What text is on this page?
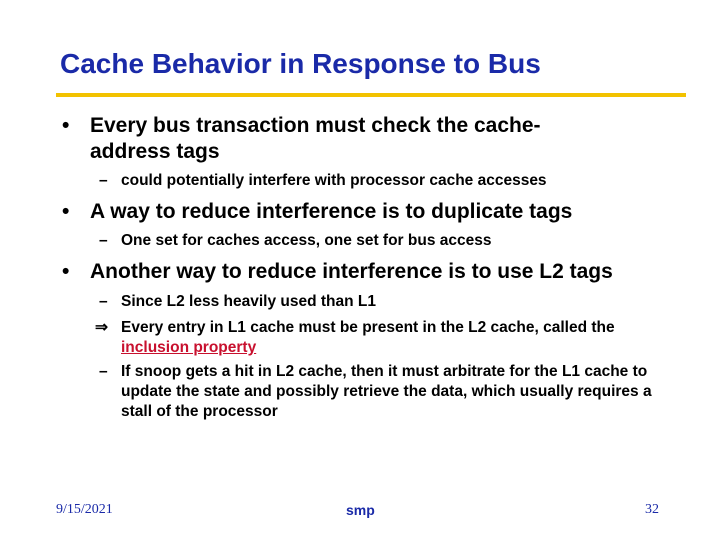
Cache Behavior in Response to Bus
• Every bus transaction must check the cache-
address tags
– could potentially interfere with processor cache accesses
• A way to reduce interference is to duplicate tags
– One set for caches access, one set for bus access
• Another way to reduce interference is to use L2 tags
– Since L2 less heavily used than L1
⇒ Every entry in L1 cache must be present in the L2 cache, called the inclusion property
– If snoop gets a hit in L2 cache, then it must arbitrate for the L1 cache to update the state and possibly retrieve the data, which usually requires a stall of the processor
9/15/2021	smp	32
